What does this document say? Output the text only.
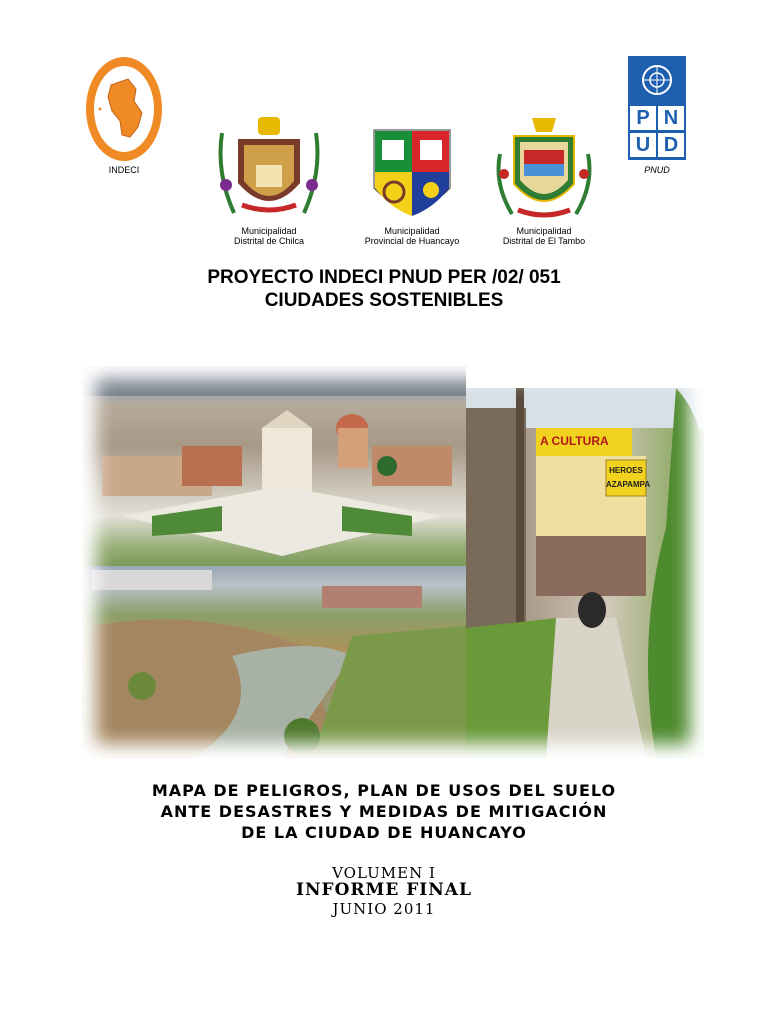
INDECI
Municipalidad
Distrital de Chilca
Municipalidad
Provincial de Huancayo
Municipalidad
Distrital de El Tambo
P N
U D
PNUD
PROYECTO INDECI PNUD PER /02/ 051
CIUDADES SOSTENIBLES
A CULTURA
HEROES
AZAPAMPA
MAPA DE PELIGROS, PLAN DE USOS DEL SUELO
ANTE DESASTRES Y MEDIDAS DE MITIGACIÓN
DE LA CIUDAD DE HUANCAYO
VOLUMEN I
INFORME FINAL
JUNIO 2011
